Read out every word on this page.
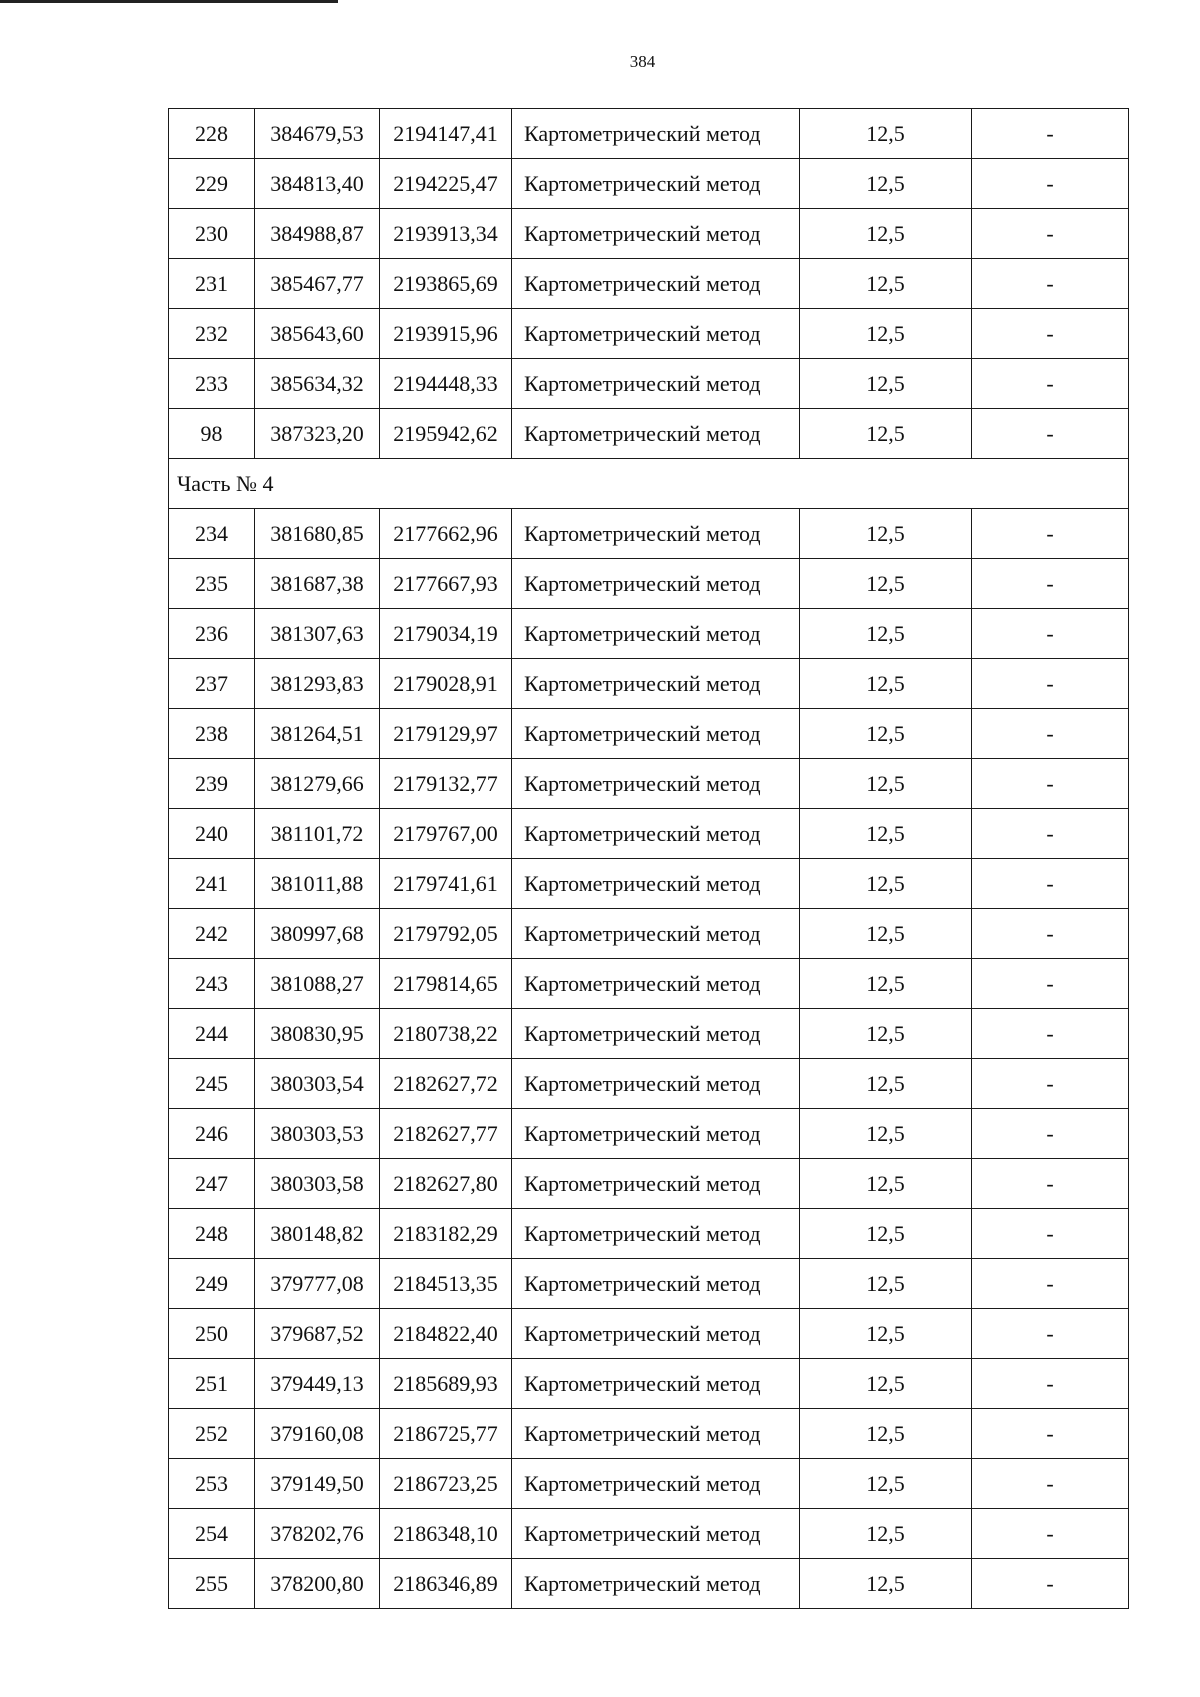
384
228	384679,53	2194147,41	Картометрический метод	12,5	-
229	384813,40	2194225,47	Картометрический метод	12,5	-
230	384988,87	2193913,34	Картометрический метод	12,5	-
231	385467,77	2193865,69	Картометрический метод	12,5	-
232	385643,60	2193915,96	Картометрический метод	12,5	-
233	385634,32	2194448,33	Картометрический метод	12,5	-
98	387323,20	2195942,62	Картометрический метод	12,5	-
Часть № 4					
234	381680,85	2177662,96	Картометрический метод	12,5	-
235	381687,38	2177667,93	Картометрический метод	12,5	-
236	381307,63	2179034,19	Картометрический метод	12,5	-
237	381293,83	2179028,91	Картометрический метод	12,5	-
238	381264,51	2179129,97	Картометрический метод	12,5	-
239	381279,66	2179132,77	Картометрический метод	12,5	-
240	381101,72	2179767,00	Картометрический метод	12,5	-
241	381011,88	2179741,61	Картометрический метод	12,5	-
242	380997,68	2179792,05	Картометрический метод	12,5	-
243	381088,27	2179814,65	Картометрический метод	12,5	-
244	380830,95	2180738,22	Картометрический метод	12,5	-
245	380303,54	2182627,72	Картометрический метод	12,5	-
246	380303,53	2182627,77	Картометрический метод	12,5	-
247	380303,58	2182627,80	Картометрический метод	12,5	-
248	380148,82	2183182,29	Картометрический метод	12,5	-
249	379777,08	2184513,35	Картометрический метод	12,5	-
250	379687,52	2184822,40	Картометрический метод	12,5	-
251	379449,13	2185689,93	Картометрический метод	12,5	-
252	379160,08	2186725,77	Картометрический метод	12,5	-
253	379149,50	2186723,25	Картометрический метод	12,5	-
254	378202,76	2186348,10	Картометрический метод	12,5	-
255	378200,80	2186346,89	Картометрический метод	12,5	-
